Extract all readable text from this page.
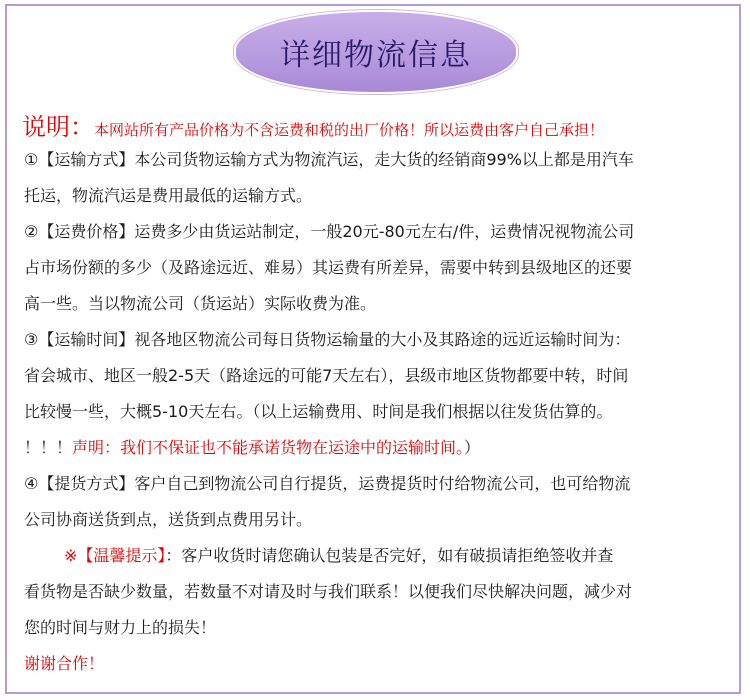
详细物流信息
说明： 本网站所有产品价格为不含运费和税的出厂价格！所以运费由客户自己承担！
①【运输方式】本公司货物运输方式为物流汽运，走大货的经销商99%以上都是用汽车
托运，物流汽运是费用最低的运输方式。
②【运费价格】运费多少由货运站制定，一般20元-80元左右/件，运费情况视物流公司
占市场份额的多少（及路途远近、难易）其运费有所差异，需要中转到县级地区的还要
高一些。当以物流公司（货运站）实际收费为准。
③【运输时间】视各地区物流公司每日货物运输量的大小及其路途的远近运输时间为：
省会城市、地区一般2-5天（路途远的可能7天左右），县级市地区货物都要中转，时间
比较慢一些，大概5-10天左右。（以上运输费用、时间是我们根据以往发货估算的。
！！！声明：我们不保证也不能承诺货物在运途中的运输时间。）
④【提货方式】客户自己到物流公司自行提货，运费提货时付给物流公司，也可给物流
公司协商送货到点，送货到点费用另计。
※【温馨提示】：客户收货时请您确认包装是否完好，如有破损请拒绝签收并查
看货物是否缺少数量，若数量不对请及时与我们联系！以便我们尽快解决问题，减少对
您的时间与财力上的损失！
谢谢合作！
